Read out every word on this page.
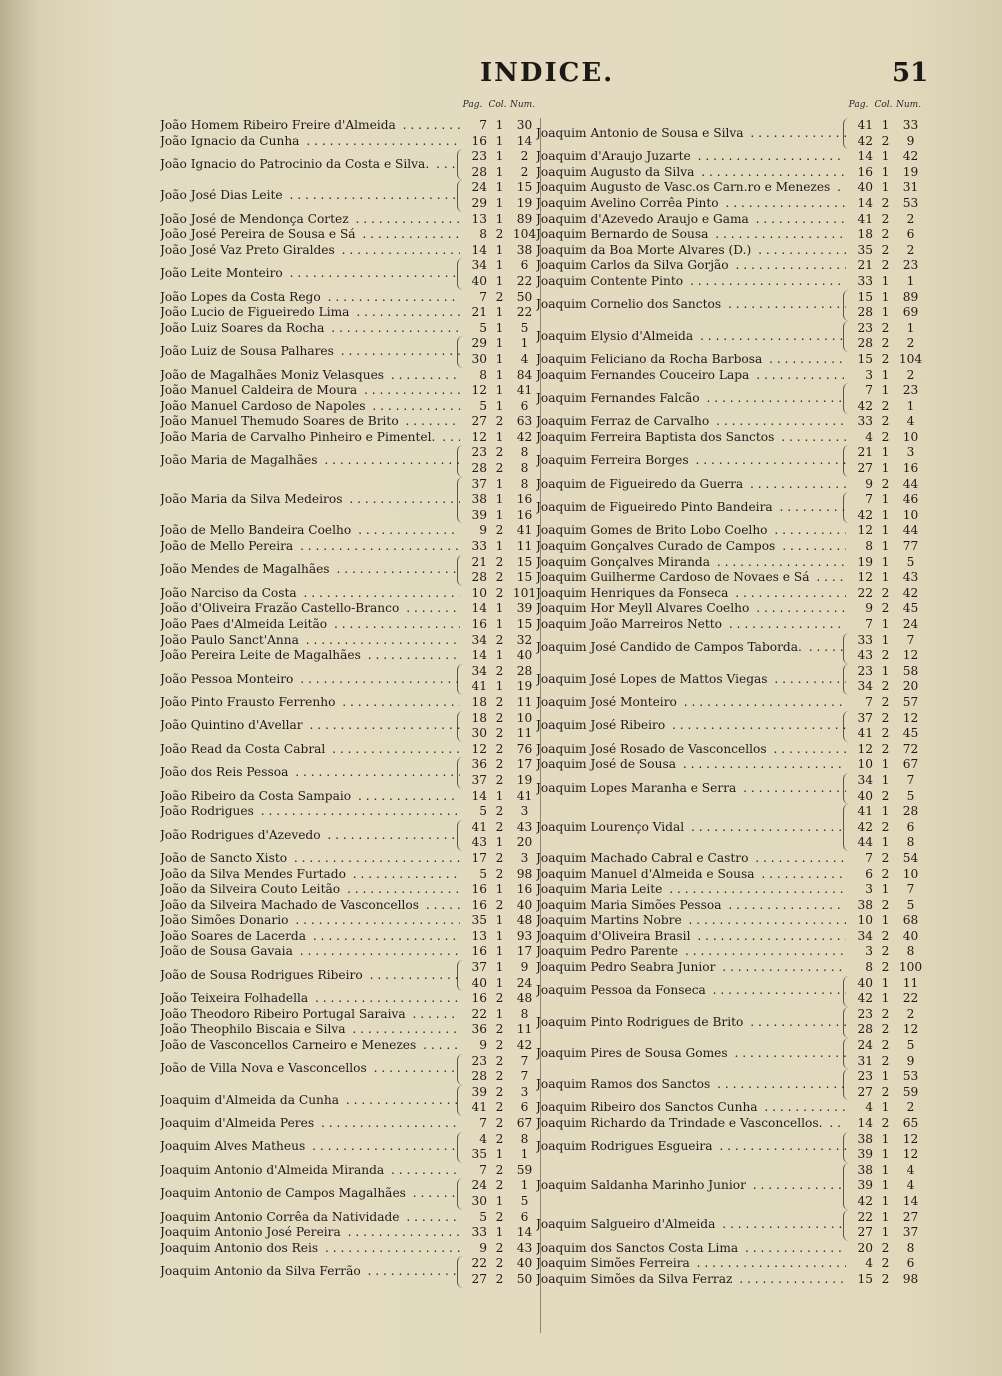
INDICE.	51
Pag. Col. Num.
João Homem Ribeiro Freire d'Almeida . . .	7 1	30
João Ignacio da Cunha . . .	16 1	14
João Ignacio do Patrocinio da Costa e Silva. . . .
23 1	2
28 1	2
João José Dias Leite . . .
24 1	15
29 1	19
João José de Mendonça Cortez . . .	13 1	89
João José Pereira de Sousa e Sá . . .	8 2 104
João José Vaz Preto Giraldes . . .	14 1	38
João Leite Monteiro . . .
34 1	6
40 1	22
João Lopes da Costa Rego . . .	7 2	50
João Lucio de Figueiredo Lima . . .	21 1	22
João Luiz Soares da Rocha . . .	5 1	5
João Luiz de Sousa Palhares . . .
29 1	1
30 1	4
João de Magalhães Moniz Velasques . . .	8 1	84
João Manuel Caldeira de Moura . . .	12 1	41
João Manuel Cardoso de Napoles . . .	5 1	6
João Manuel Themudo Soares de Brito . . .	27 2	63
João Maria de Carvalho Pinheiro e Pimentel. . . .	12 1	42
João Maria de Magalhães . . .
23 2	8
28 2	8
João Maria da Silva Medeiros . . .
37 1	8
38 1	16
39 1	16
João de Mello Bandeira Coelho . . .	9 2	41
João de Mello Pereira . . .	33 1	11
João Mendes de Magalhães . . .
21 2	15
28 2	15
João Narciso da Costa . . .	10 2 101
João d'Oliveira Frazão Castello-Branco . . .	14 1	39
João Paes d'Almeida Leitão . . .	16 1	15
João Paulo Sanct'Anna . . .	34 2	32
João Pereira Leite de Magalhães . . .	14 1	40
João Pessoa Monteiro . . .
34 2	28
41 1	19
João Pinto Frausto Ferrenho . . .	18 2	11
João Quintino d'Avellar . . .
18 2	10
30 2	11
João Read da Costa Cabral . . .	12 2	76
João dos Reis Pessoa . . .
36 2	17
37 2	19
João Ribeiro da Costa Sampaio . . .	14 1	41
João Rodrigues . . .	5 2	3
João Rodrigues d'Azevedo . . .
41 2	43
43 1	20
João de Sancto Xisto . . .	17 2	3
João da Silva Mendes Furtado . . .	5 2	98
João da Silveira Couto Leitão . . .	16 1	16
João da Silveira Machado de Vasconcellos . . .	16 2	40
João Simões Donario . . .	35 1	48
João Soares de Lacerda . . .	13 1	93
João de Sousa Gavaia . . .	16 1	17
João de Sousa Rodrigues Ribeiro . . .
37 1	9
40 1	24
João Teixeira Folhadella . . .	16 2	48
João Theodoro Ribeiro Portugal Saraiva . . .	22 1	8
João Theophilo Biscaia e Silva . . .	36 2	11
João de Vasconcellos Carneiro e Menezes . . .	9 2	42
João de Villa Nova e Vasconcellos . . .
23 2	7
28 2	7
Joaquim d'Almeida da Cunha . . .
39 2	3
41 2	6
Joaquim d'Almeida Peres . . .	7 2	67
Joaquim Alves Matheus . . .
4 2	8
35 1	1
Joaquim Antonio d'Almeida Miranda . . .	7 2	59
Joaquim Antonio de Campos Magalhães . . .
24 2	1
30 1	5
Joaquim Antonio Corrêa da Natividade . . .	5 2	6
Joaquim Antonio José Pereira . . .	33 1	14
Joaquim Antonio dos Reis . . .	9 2	43
Joaquim Antonio da Silva Ferrão . . .
22 2	40
27 2	50
Pag. Col. Num.
Joaquim Antonio de Sousa e Silva . . .
41 1	33
42 2	9
Joaquim d'Araujo Juzarte . . .	14 1	42
Joaquim Augusto da Silva . . .	16 1	19
Joaquim Augusto de Vasc.os Carn.ro e Menezes . . .	40 1	31
Joaquim Avelino Corrêa Pinto . . .	14 2	53
Joaquim d'Azevedo Araujo e Gama . . .	41 2	2
Joaquim Bernardo de Sousa . . .	18 2	6
Joaquim da Boa Morte Alvares (D.) . . .	35 2	2
Joaquim Carlos da Silva Gorjão . . .	21 2	23
Joaquim Contente Pinto . . .	33 1	1
Joaquim Cornelio dos Sanctos . . .
15 1	89
28 1	69
Joaquim Elysio d'Almeida . . .
23 2	1
28 2	2
Joaquim Feliciano da Rocha Barbosa . . .	15 2 104
Joaquim Fernandes Couceiro Lapa . . .	3 1	2
Joaquim Fernandes Falcão . . .
7 1	23
42 2	1
Joaquim Ferraz de Carvalho . . .	33 2	4
Joaquim Ferreira Baptista dos Sanctos . . .	4 2	10
Joaquim Ferreira Borges . . .
21 1	3
27 1	16
Joaquim de Figueiredo da Guerra . . .	9 2	44
Joaquim de Figueiredo Pinto Bandeira . . .
7 1	46
42 1	10
Joaquim Gomes de Brito Lobo Coelho . . .	12 1	44
Joaquim Gonçalves Curado de Campos . . .	8 1	77
Joaquim Gonçalves Miranda . . .	19 1	5
Joaquim Guilherme Cardoso de Novaes e Sá . . .	12 1	43
Joaquim Henriques da Fonseca . . .	22 2	42
Joaquim Hor Meyll Alvares Coelho . . .	9 2	45
Joaquim João Marreiros Netto . . .	7 1	24
Joaquim José Candido de Campos Taborda. . . .
33 1	7
43 2	12
Joaquim José Lopes de Mattos Viegas . . .
23 1	58
34 2	20
Joaquim José Monteiro . . .	7 2	57
Joaquim José Ribeiro . . .
37 2	12
41 2	45
Joaquim José Rosado de Vasconcellos . . .	12 2	72
Joaquim José de Sousa . . .	10 1	67
Joaquim Lopes Maranha e Serra . . .
34 1	7
40 2	5
Joaquim Lourenço Vidal . . .
41 1	28
42 2	6
44 1	8
Joaquim Machado Cabral e Castro . . .	7 2	54
Joaquim Manuel d'Almeida e Sousa . . .	6 2	10
Joaquim Maria Leite . . .	3 1	7
Joaquim Maria Simões Pessoa . . .	38 2	5
Joaquim Martins Nobre . . .	10 1	68
Joaquim d'Oliveira Brasil . . .	34 2	40
Joaquim Pedro Parente . . .	3 2	8
Joaquim Pedro Seabra Junior . . .	8 2 100
Joaquim Pessoa da Fonseca . . .
40 1	11
42 1	22
Joaquim Pinto Rodrigues de Brito . . .
23 2	2
28 2	12
Joaquim Pires de Sousa Gomes . . .
24 2	5
31 2	9
Joaquim Ramos dos Sanctos . . .
23 1	53
27 2	59
Joaquim Ribeiro dos Sanctos Cunha . . .	4 1	2
Joaquim Richardo da Trindade e Vasconcellos. . . .	14 2	65
Joaquim Rodrigues Esgueira . . .
38 1	12
39 1	12
Joaquim Saldanha Marinho Junior . . .
38 1	4
39 1	4
42 1	14
Joaquim Salgueiro d'Almeida . . .
22 1	27
27 1	37
Joaquim dos Sanctos Costa Lima . . .	20 2	8
Joaquim Simões Ferreira . . .	4 2	6
Joaquim Simões da Silva Ferraz . . .	15 2	98
